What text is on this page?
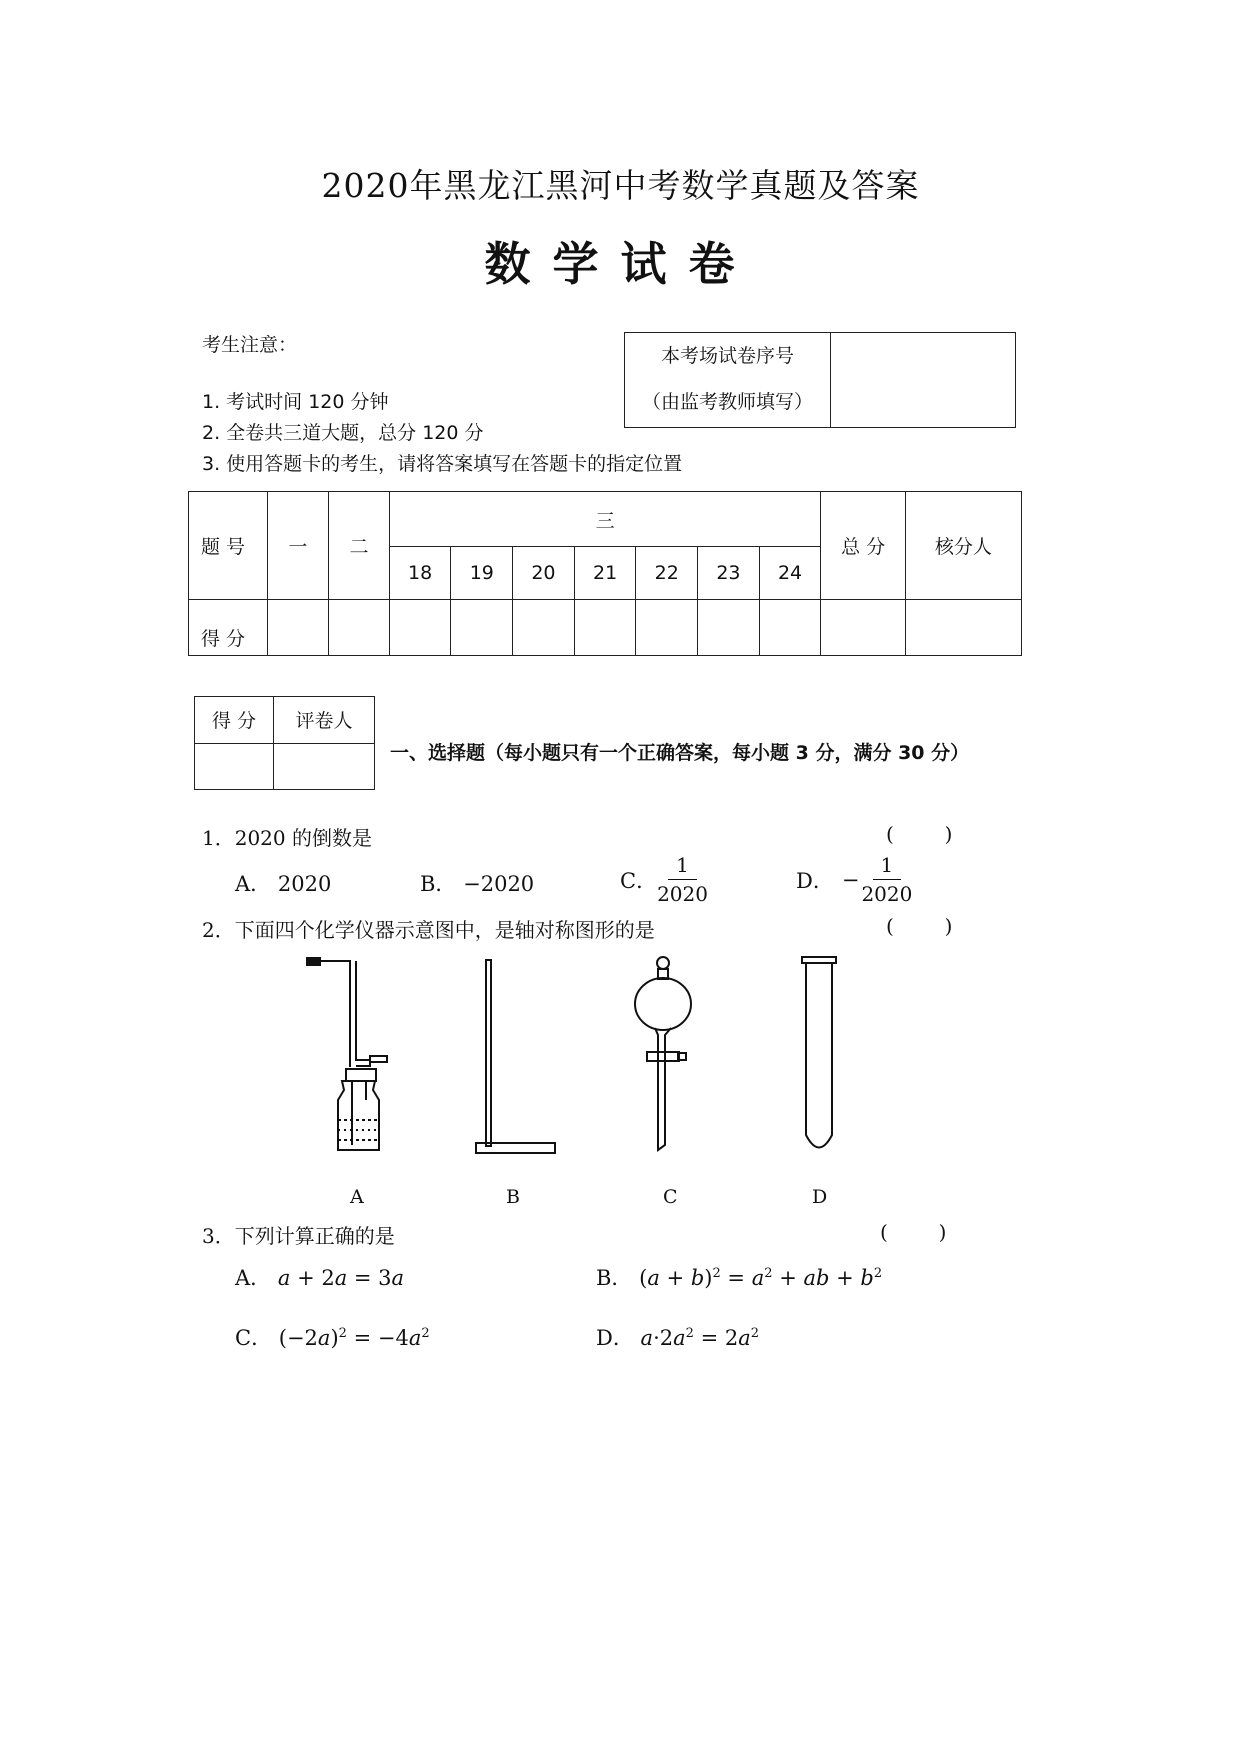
2020年黑龙江黑河中考数学真题及答案
数学试卷
考生注意：
1. 考试时间 120 分钟
2. 全卷共三道大题，总分 120 分
3. 使用答题卡的考生，请将答案填写在答题卡的指定位置
本考场试卷序号
（由监考教师填写）
题 号	一	二	三							总 分	核分人
			18	19	20	21	22	23	24		
得 分											
得 分	评卷人

一、选择题（每小题只有一个正确答案，每小题 3 分，满分 30 分）
1．2020 的倒数是	(        )
A． 2020	B． −2020	C． $\frac{1}{2020}$	D． − $\frac{1}{2020}$
2．下面四个化学仪器示意图中，是轴对称图形的是	(        )
A	B	C	D
3．下列计算正确的是	(        )
A． a + 2a = 3a	B． $(a + b)^2 = a^2$ + ab + $b^2$
C． $(-2a)^2 = -4a^2$	D． $a\cdot 2a^2 = 2a^2$
